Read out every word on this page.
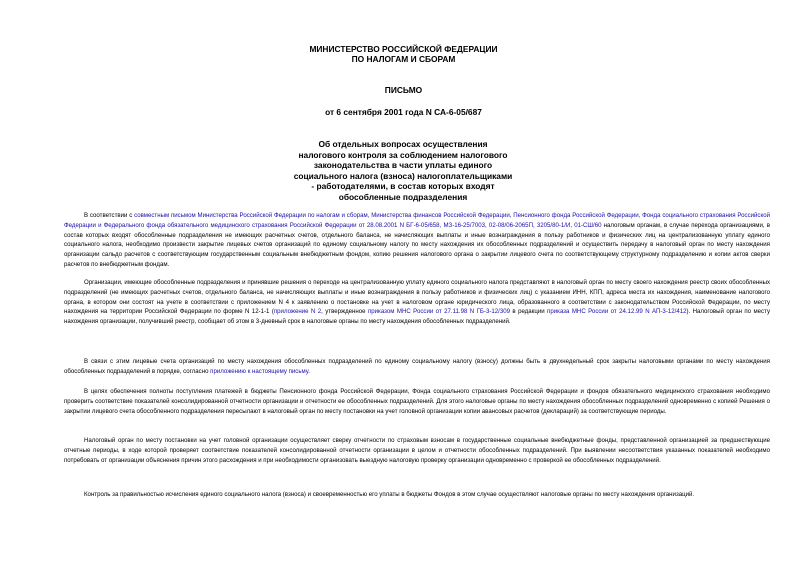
МИНИСТЕРСТВО РОССИЙСКОЙ ФЕДЕРАЦИИ
ПО НАЛОГАМ И СБОРАМ
ПИСЬМО
от 6 сентября 2001 года N СА-6-05/687
Об отдельных вопросах осуществления
налогового контроля за соблюдением налогового
законодательства в части уплаты единого
социального налога (взноса) налогоплательщиками
- работодателями, в состав которых входят
обособленные подразделения

В соответствии с совместным письмом Министерства Российской Федерации по налогам и сборам, Министерства финансов Российской Федерации, Пенсионного фонда Российской Федерации, Фонда социального страхования Российской Федерации и Федерального фонда обязательного медицинского страхования Российской Федерации от 28.08.2001 N БГ-6-05/658, МЗ-16-25/7003, 02-08/06-2065П, 3205/80-1/И, 01-СШ/60 налоговым органам, в случае перехода организациями, в состав которых входят обособленные подразделения не имеющих расчетных счетов, отдельного баланса, не начисляющих выплаты и иные вознаграждения в пользу работников и физических лиц на централизованную уплату единого социального налога, необходимо произвести закрытие лицевых счетов организаций по единому социальному налогу по месту нахождения их обособленных подразделений и осуществить передачу в налоговый орган по месту нахождения организации сальдо расчетов с соответствующим государственным социальным внебюджетным фондом, копию решения налогового органа о закрытии лицевого счета по соответствующему структурному подразделению и копии актов сверки расчетов по внебюджетным фондам.

Организации, имеющие обособленные подразделения и принявшие решения о переходе на централизованную уплату единого социального налога представляют в налоговый орган по месту своего нахождения реестр своих обособленных подразделений (не имеющих расчетных счетов, отдельного баланса, не начисляющих выплаты и иные вознаграждения в пользу работников и физических лиц) с указанием ИНН, КПП, адреса места их нахождения, наименование налогового органа, в котором они состоят на учете в соответствии с приложением N 4 к заявлению о постановке на учет в налоговом органе юридического лица, образованного в соответствии с законодательством Российской Федерации, по месту нахождения на территории Российской Федерации по форме N 12-1-1 (приложение N 2, утвержденное приказом МНС России от 27.11.98 N ГБ-3-12/309 в редакции приказа МНС России от 24.12.99 N АП-3-12/412). Налоговый орган по месту нахождения организации, получивший реестр, сообщает об этом в 3-дневный срок в налоговые органы по месту нахождения обособленных подразделений.

В связи с этим лицевые счета организаций по месту нахождения обособленных подразделений по единому социальному налогу (взносу) должны быть в двухнедельный срок закрыты налоговыми органами по месту нахождения обособленных подразделений в порядке, согласно приложению к настоящему письму.

В целях обеспечения полноты поступления платежей в бюджеты Пенсионного фонда Российской Федерации, Фонда социального страхования Российской Федерации и фондов обязательного медицинского страхования необходимо проверить соответствие показателей консолидированной отчетности организации и отчетности ее обособленных подразделений. Для этого налоговые органы по месту нахождения обособленных подразделений одновременно с копией Решения о закрытии лицевого счета обособленного подразделения пересылают в налоговый орган по месту постановки на учет головной организации копии авансовых расчетов (деклараций) за соответствующие периоды.

Налоговый орган по месту постановки на учет головной организации осуществляет сверку отчетности по страховым взносам в государственные социальные внебюджетные фонды, представленной организацией за предшествующие отчетные периоды, в ходе которой проверяет соответствие показателей консолидированной отчетности организации в целом и отчетности обособленных подразделений. При выявлении несоответствия указанных показателей необходимо потребовать от организации объяснения причин этого расхождения и при необходимости организовать выездную налоговую проверку организации одновременно с проверкой ее обособленных подразделений.

Контроль за правильностью исчисления единого социального налога (взноса) и своевременностью его уплаты в бюджеты Фондов в этом случае осуществляют налоговые органы по месту нахождения организаций.
